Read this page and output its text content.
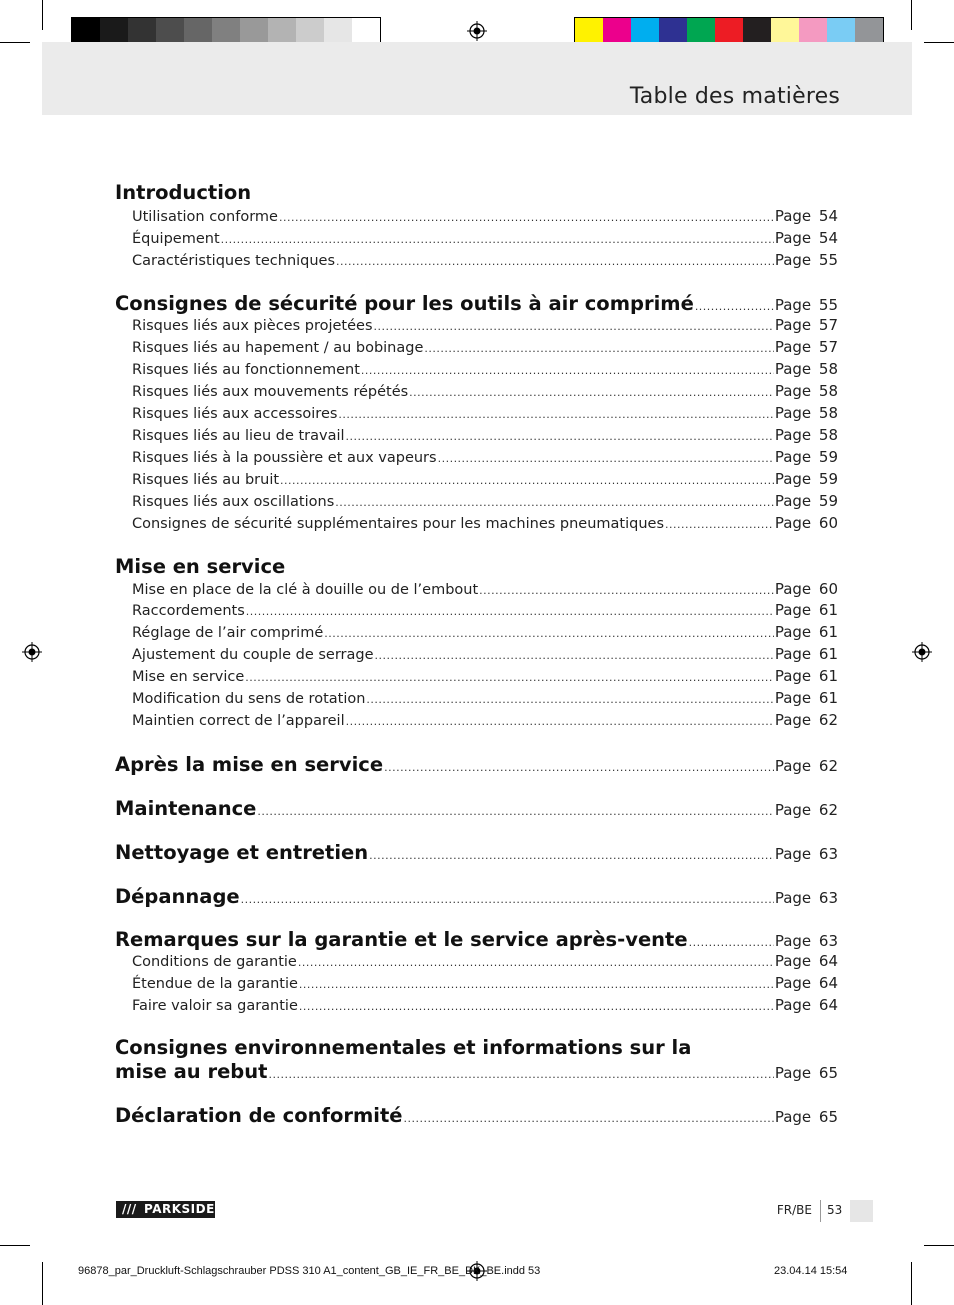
Table des matières
Introduction
Utilisation conforme .....	Page 54
Équipement .....	Page 54
Caractéristiques techniques .....	Page 55
Consignes de sécurité pour les outils à air comprimé .....	Page 55
Risques liés aux pièces projetées .....	Page 57
Risques liés au hapement / au bobinage .....	Page 57
Risques liés au fonctionnement .....	Page 58
Risques liés aux mouvements répétés .....	Page 58
Risques liés aux accessoires .....	Page 58
Risques liés au lieu de travail .....	Page 58
Risques liés à la poussière et aux vapeurs .....	Page 59
Risques liés au bruit .....	Page 59
Risques liés aux oscillations .....	Page 59
Consignes de sécurité supplémentaires pour les machines pneumatiques .....	Page 60
Mise en service
Mise en place de la clé à douille ou de l’embout .....	Page 60
Raccordements .....	Page 61
Réglage de l’air comprimé .....	Page 61
Ajustement du couple de serrage .....	Page 61
Mise en service .....	Page 61
Modification du sens de rotation .....	Page 61
Maintien correct de l’appareil .....	Page 62
Après la mise en service .....	Page 62
Maintenance .....	Page 62
Nettoyage et entretien .....	Page 63
Dépannage .....	Page 63
Remarques sur la garantie et le service après-vente .....	Page 63
Conditions de garantie .....	Page 64
Étendue de la garantie .....	Page 64
Faire valoir sa garantie .....	Page 64
Consignes environnementales et informations sur la
mise au rebut .....	Page 65
Déclaration de conformité .....	Page 65
/// PARKSIDE	FR/BE 53
96878_par_Druckluft-Schlagschrauber PDSS 310 A1_content_GB_IE_FR_BE_DK_BE.indd 53	23.04.14 15:54
